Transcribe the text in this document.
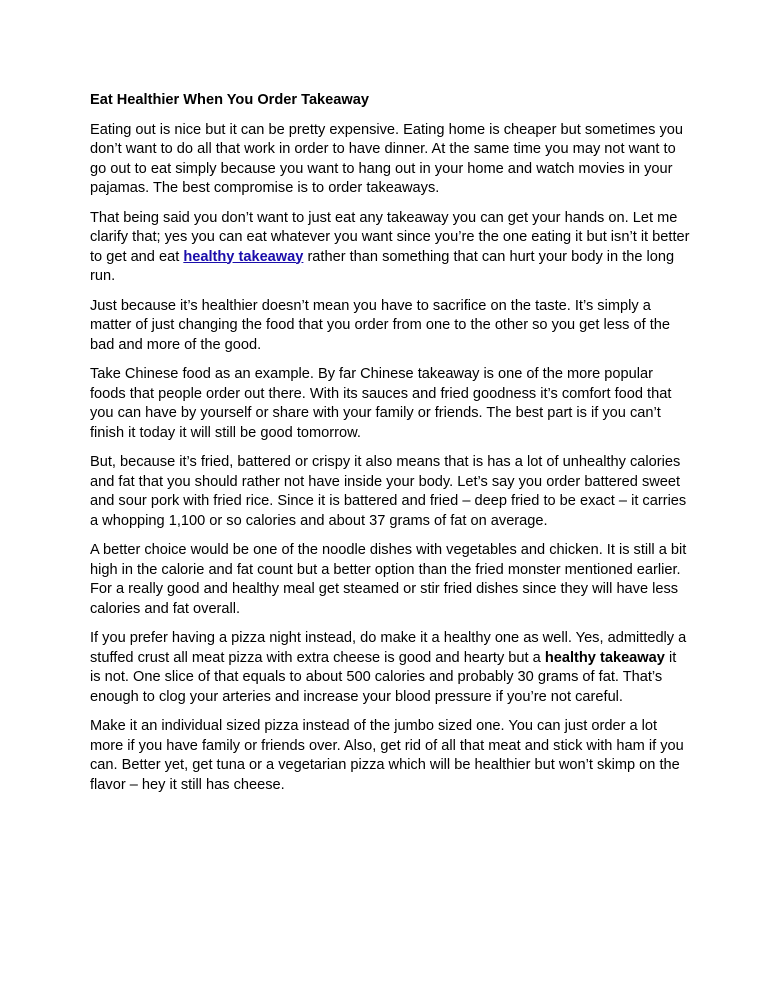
Eat Healthier When You Order Takeaway

Eating out is nice but it can be pretty expensive. Eating home is cheaper but sometimes you don’t want to do all that work in order to have dinner. At the same time you may not want to go out to eat simply because you want to hang out in your home and watch movies in your pajamas. The best compromise is to order takeaways.

That being said you don’t want to just eat any takeaway you can get your hands on. Let me clarify that; yes you can eat whatever you want since you’re the one eating it but isn’t it better to get and eat healthy takeaway rather than something that can hurt your body in the long run.

Just because it’s healthier doesn’t mean you have to sacrifice on the taste. It’s simply a matter of just changing the food that you order from one to the other so you get less of the bad and more of the good.

Take Chinese food as an example. By far Chinese takeaway is one of the more popular foods that people order out there. With its sauces and fried goodness it’s comfort food that you can have by yourself or share with your family or friends. The best part is if you can’t finish it today it will still be good tomorrow.

But, because it’s fried, battered or crispy it also means that is has a lot of unhealthy calories and fat that you should rather not have inside your body. Let’s say you order battered sweet and sour pork with fried rice. Since it is battered and fried – deep fried to be exact – it carries a whopping 1,100 or so calories and about 37 grams of fat on average.

A better choice would be one of the noodle dishes with vegetables and chicken. It is still a bit high in the calorie and fat count but a better option than the fried monster mentioned earlier. For a really good and healthy meal get steamed or stir fried dishes since they will have less calories and fat overall.

If you prefer having a pizza night instead, do make it a healthy one as well. Yes, admittedly a stuffed crust all meat pizza with extra cheese is good and hearty but a healthy takeaway it is not. One slice of that equals to about 500 calories and probably 30 grams of fat. That’s enough to clog your arteries and increase your blood pressure if you’re not careful.

Make it an individual sized pizza instead of the jumbo sized one. You can just order a lot more if you have family or friends over. Also, get rid of all that meat and stick with ham if you can. Better yet, get tuna or a vegetarian pizza which will be healthier but won’t skimp on the flavor – hey it still has cheese.
